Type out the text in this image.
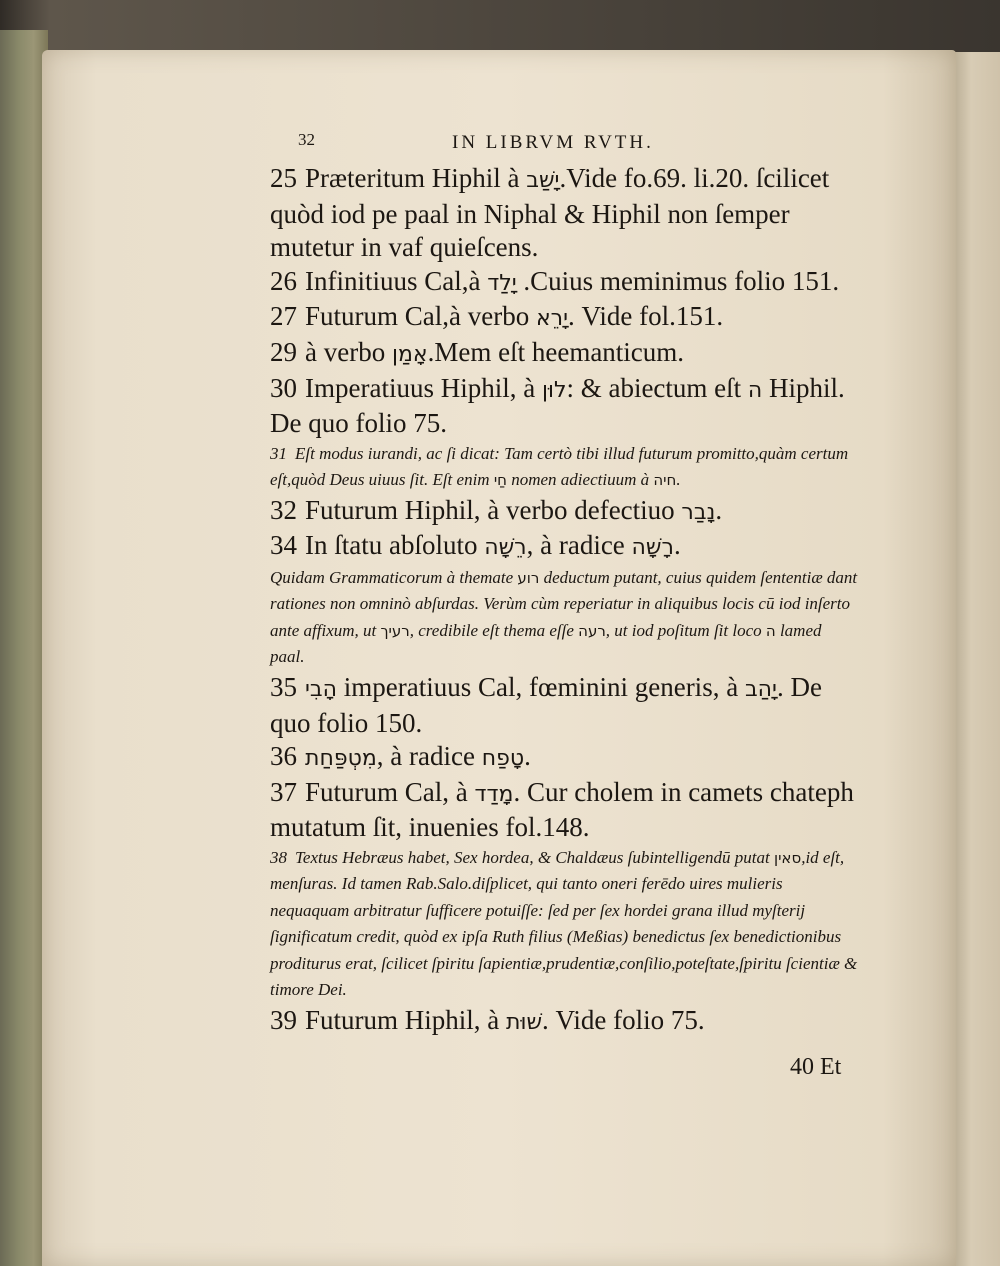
32	IN LIBRVM RVTH.

25 Præteritum Hiphil à יָשַׁב.Vide fo.69. li.20. ſcilicet quòd iod pe paal in Niphal & Hiphil non ſemper mutetur in vaf quieſcens.

26 Infinitiuus Cal,à יָלַד .Cuius meminimus folio 151.

27 Futurum Cal,à verbo יָרֵא. Vide fol.151.

29 à verbo אָמַן.Mem eſt heemanticum.

30 Imperatiuus Hiphil, à לוּן: & abiectum eſt ה Hiphil. De quo folio 75.

31 Eſt modus iurandi, ac ſi dicat: Tam certò tibi illud futurum promitto,quàm certum eſt,quòd Deus uiuus ſit. Eſt enim חַי nomen adiectiuum à חיה.

32 Futurum Hiphil, à verbo defectiuo נָבַר.

34 In ſtatu abſoluto רֵשָׁה, à radice רָשָׁה.

Quidam Grammaticorum à themate רוע deductum putant, cuius quidem ſententiæ dant rationes non omninò abſurdas. Verùm cùm reperiatur in aliquibus locis cū iod inſerto ante affixum, ut רעיך, credibile eſt thema eſſe רעה, ut iod poſitum ſit loco ה lamed paal.

35 הָבִי imperatiuus Cal, fœminini generis, à יָהַב. De quo folio 150.

36 מִטְפַּחַת, à radice טָפַח.

37 Futurum Cal, à מָדַד. Cur cholem in camets chateph mutatum ſit, inuenies fol.148.

38 Textus Hebræus habet, Sex hordea, & Chaldæus ſubintelligendū putat סאין,id eſt, menſuras. Id tamen Rab.Salo.diſplicet, qui tanto oneri ferēdo uires mulieris nequaquam arbitratur ſufficere potuiſſe: ſed per ſex hordei grana illud myſterij ſignificatum credit, quòd ex ipſa Ruth filius (Meßias) benedictus ſex benedictionibus proditurus erat, ſcilicet ſpiritu ſapientiæ,prudentiæ,conſilio,poteſtate,ſpiritu ſcientiæ & timore Dei.

39 Futurum Hiphil, à שׁוּת. Vide folio 75.

40 Et
